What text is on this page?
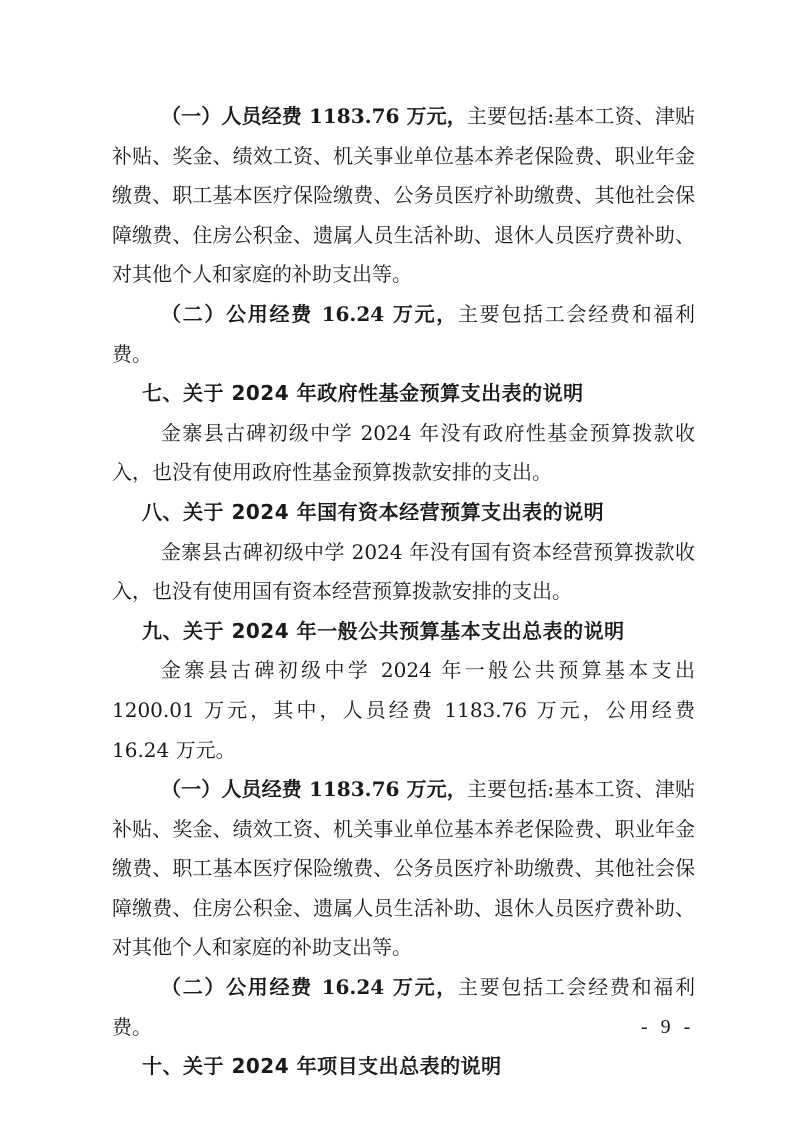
（一）人员经费 1183.76 万元，主要包括:基本工资、津贴补贴、奖金、绩效工资、机关事业单位基本养老保险费、职业年金缴费、职工基本医疗保险缴费、公务员医疗补助缴费、其他社会保障缴费、住房公积金、遗属人员生活补助、退休人员医疗费补助、对其他个人和家庭的补助支出等。

（二）公用经费 16.24 万元，主要包括工会经费和福利费。

七、关于 2024 年政府性基金预算支出表的说明

金寨县古碑初级中学 2024 年没有政府性基金预算拨款收入，也没有使用政府性基金预算拨款安排的支出。

八、关于 2024 年国有资本经营预算支出表的说明

金寨县古碑初级中学 2024 年没有国有资本经营预算拨款收入，也没有使用国有资本经营预算拨款安排的支出。

九、关于 2024 年一般公共预算基本支出总表的说明

金寨县古碑初级中学 2024 年一般公共预算基本支出 1200.01 万元，其中，人员经费 1183.76 万元，公用经费 16.24 万元。

（一）人员经费 1183.76 万元，主要包括:基本工资、津贴补贴、奖金、绩效工资、机关事业单位基本养老保险费、职业年金缴费、职工基本医疗保险缴费、公务员医疗补助缴费、其他社会保障缴费、住房公积金、遗属人员生活补助、退休人员医疗费补助、对其他个人和家庭的补助支出等。

（二）公用经费 16.24 万元，主要包括工会经费和福利费。

十、关于 2024 年项目支出总表的说明

- 9 -
